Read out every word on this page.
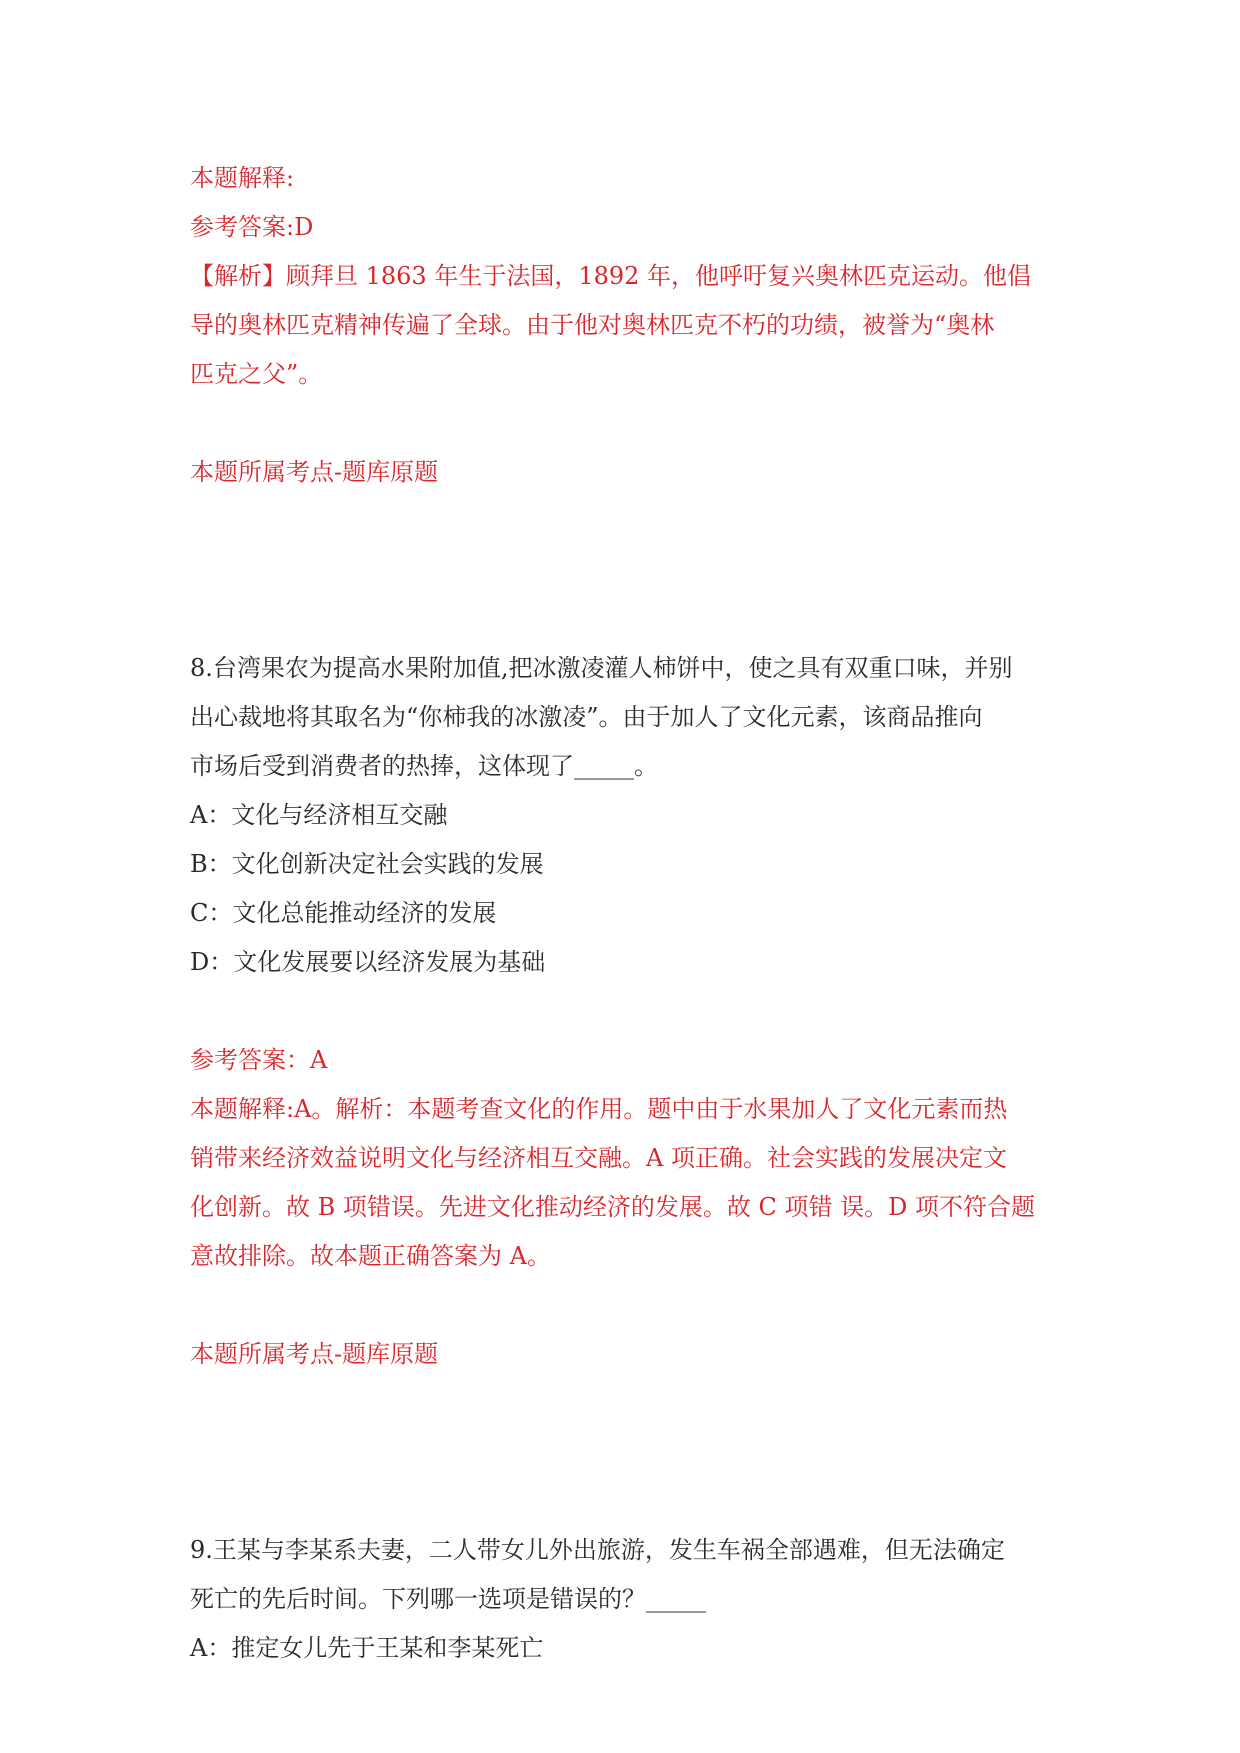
本题解释:
参考答案:D
【解析】顾拜旦 1863 年生于法国，1892 年，他呼吁复兴奥林匹克运动。他倡
导的奥林匹克精神传遍了全球。由于他对奥林匹克不朽的功绩，被誉为“奥林
匹克之父”。
本题所属考点-题库原题
8.台湾果农为提高水果附加值,把冰激凌灌人柿饼中，使之具有双重口味，并别
出心裁地将其取名为“你柿我的冰激凌”。由于加人了文化元素，该商品推向
市场后受到消费者的热捧，这体现了_____。
A：文化与经济相互交融
B：文化创新决定社会实践的发展
C：文化总能推动经济的发展
D：文化发展要以经济发展为基础
参考答案：A
本题解释:A。解析：本题考查文化的作用。题中由于水果加人了文化元素而热
销带来经济效益说明文化与经济相互交融。A 项正确。社会实践的发展决定文
化创新。故 B 项错误。先进文化推动经济的发展。故 C 项错 误。D 项不符合题
意故排除。故本题正确答案为 A。
本题所属考点-题库原题
9.王某与李某系夫妻，二人带女儿外出旅游，发生车祸全部遇难，但无法确定
死亡的先后时间。下列哪一选项是错误的？_____
A：推定女儿先于王某和李某死亡
